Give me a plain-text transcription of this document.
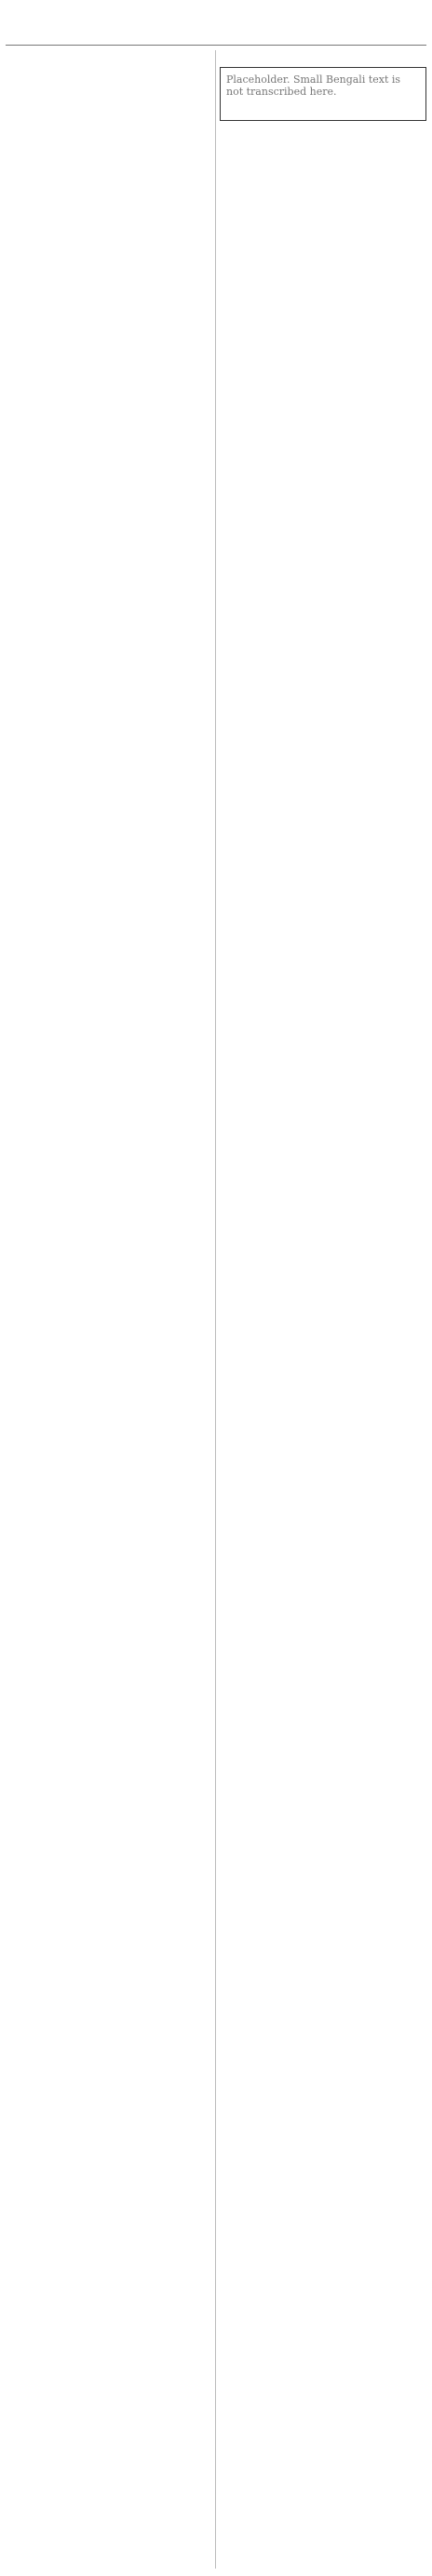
Placeholder. Small Bengali text is not transcribed here.
